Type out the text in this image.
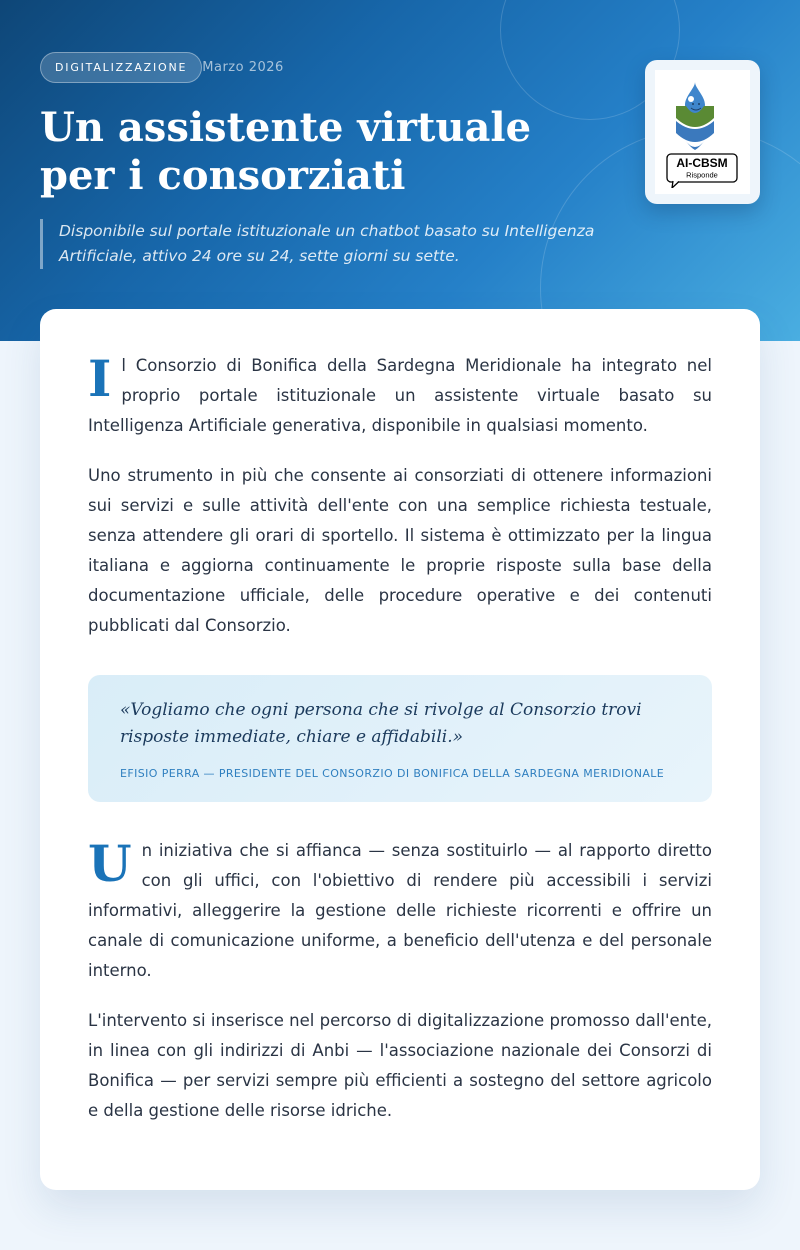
DIGITALIZZAZIONE	Marzo 2026
Un assistente virtuale
per i consorziati

Disponibile sul portale istituzionale un chatbot basato su Intelligenza Artificiale, attivo 24 ore su 24, sette giorni su sette.

AI-CBSM
Risponde

Il Consorzio di Bonifica della Sardegna Meridionale ha integrato nel proprio portale istituzionale un assistente virtuale basato su Intelligenza Artificiale generativa, disponibile in qualsiasi momento.

Uno strumento in più che consente ai consorziati di ottenere informazioni sui servizi e sulle attività dell'ente con una semplice richiesta testuale, senza attendere gli orari di sportello. Il sistema è ottimizzato per la lingua italiana e aggiorna continuamente le proprie risposte sulla base della documentazione ufficiale, delle procedure operative e dei contenuti pubblicati dal Consorzio.

«Vogliamo che ogni persona che si rivolge al Consorzio trovi risposte immediate, chiare e affidabili.»

EFISIO PERRA — PRESIDENTE DEL CONSORZIO DI BONIFICA DELLA SARDEGNA MERIDIONALE

Un iniziativa che si affianca — senza sostituirlo — al rapporto diretto con gli uffici, con l'obiettivo di rendere più accessibili i servizi informativi, alleggerire la gestione delle richieste ricorrenti e offrire un canale di comunicazione uniforme, a beneficio dell'utenza e del personale interno.

L'intervento si inserisce nel percorso di digitalizzazione promosso dall'ente, in linea con gli indirizzi di Anbi — l'associazione nazionale dei Consorzi di Bonifica — per servizi sempre più efficienti a sostegno del settore agricolo e della gestione delle risorse idriche.
